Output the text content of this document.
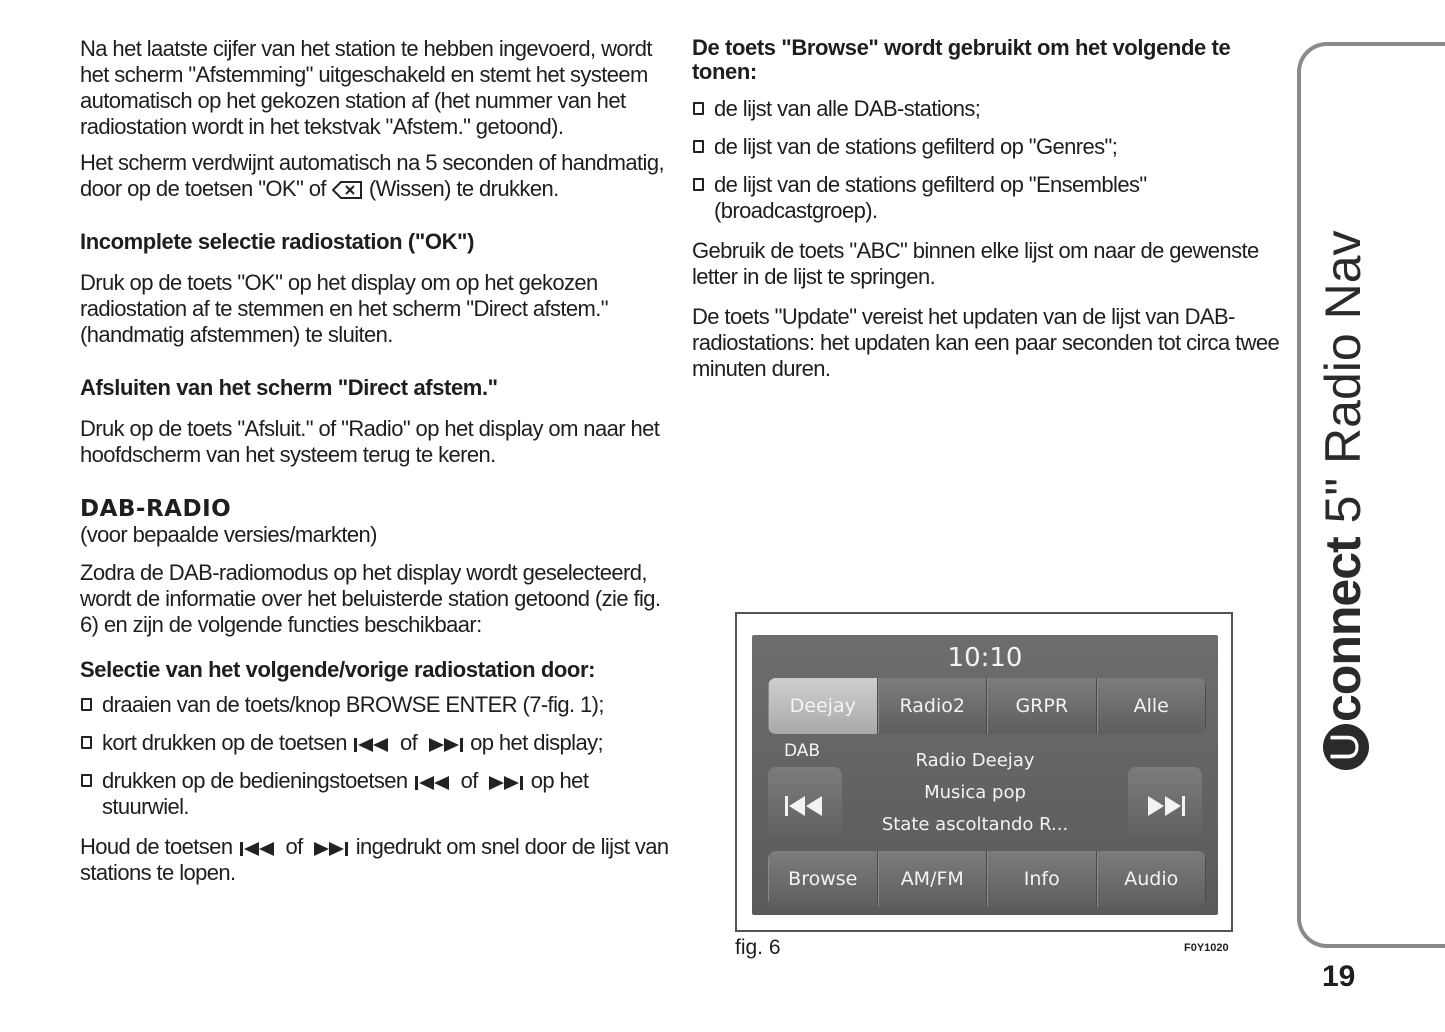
Na het laatste cijfer van het station te hebben ingevoerd, wordt het scherm "Afstemming" uitgeschakeld en stemt het systeem automatisch op het gekozen station af (het nummer van het radiostation wordt in het tekstvak "Afstem." getoond).

Het scherm verdwijnt automatisch na 5 seconden of handmatig, door op de toetsen "OK" of (Wissen) te drukken.

Incomplete selectie radiostation ("OK")

Druk op de toets "OK" op het display om op het gekozen radiostation af te stemmen en het scherm "Direct afstem." (handmatig afstemmen) te sluiten.

Afsluiten van het scherm "Direct afstem."

Druk op de toets "Afsluit." of "Radio" op het display om naar het hoofdscherm van het systeem terug te keren.

DAB-RADIO

(voor bepaalde versies/markten)

Zodra de DAB-radiomodus op het display wordt geselecteerd, wordt de informatie over het beluisterde station getoond (zie fig. 6) en zijn de volgende functies beschikbaar:

Selectie van het volgende/vorige radiostation door:
draaien van de toets/knop BROWSE ENTER (7-fig. 1);
kort drukken op de toetsen of op het display;
drukken op de bedieningstoetsen of op het stuurwiel.

Houd de toetsen of ingedrukt om snel door de lijst van stations te lopen.

De toets "Browse" wordt gebruikt om het volgende te tonen:
de lijst van alle DAB-stations;
de lijst van de stations gefilterd op "Genres";
de lijst van de stations gefilterd op "Ensembles" (broadcastgroep).

Gebruik de toets "ABC" binnen elke lijst om naar de gewenste letter in de lijst te springen.

De toets "Update" vereist het updaten van de lijst van DAB-radiostations: het updaten kan een paar seconden tot circa twee minuten duren.

10:10
Deejay	Radio2	GRPR	Alle
DAB	Radio Deejay
Musica pop
State ascoltando R...
Browse	AM/FM	Info	Audio
fig. 6	F0Y1020
Uconnect 5" Radio Nav
19
